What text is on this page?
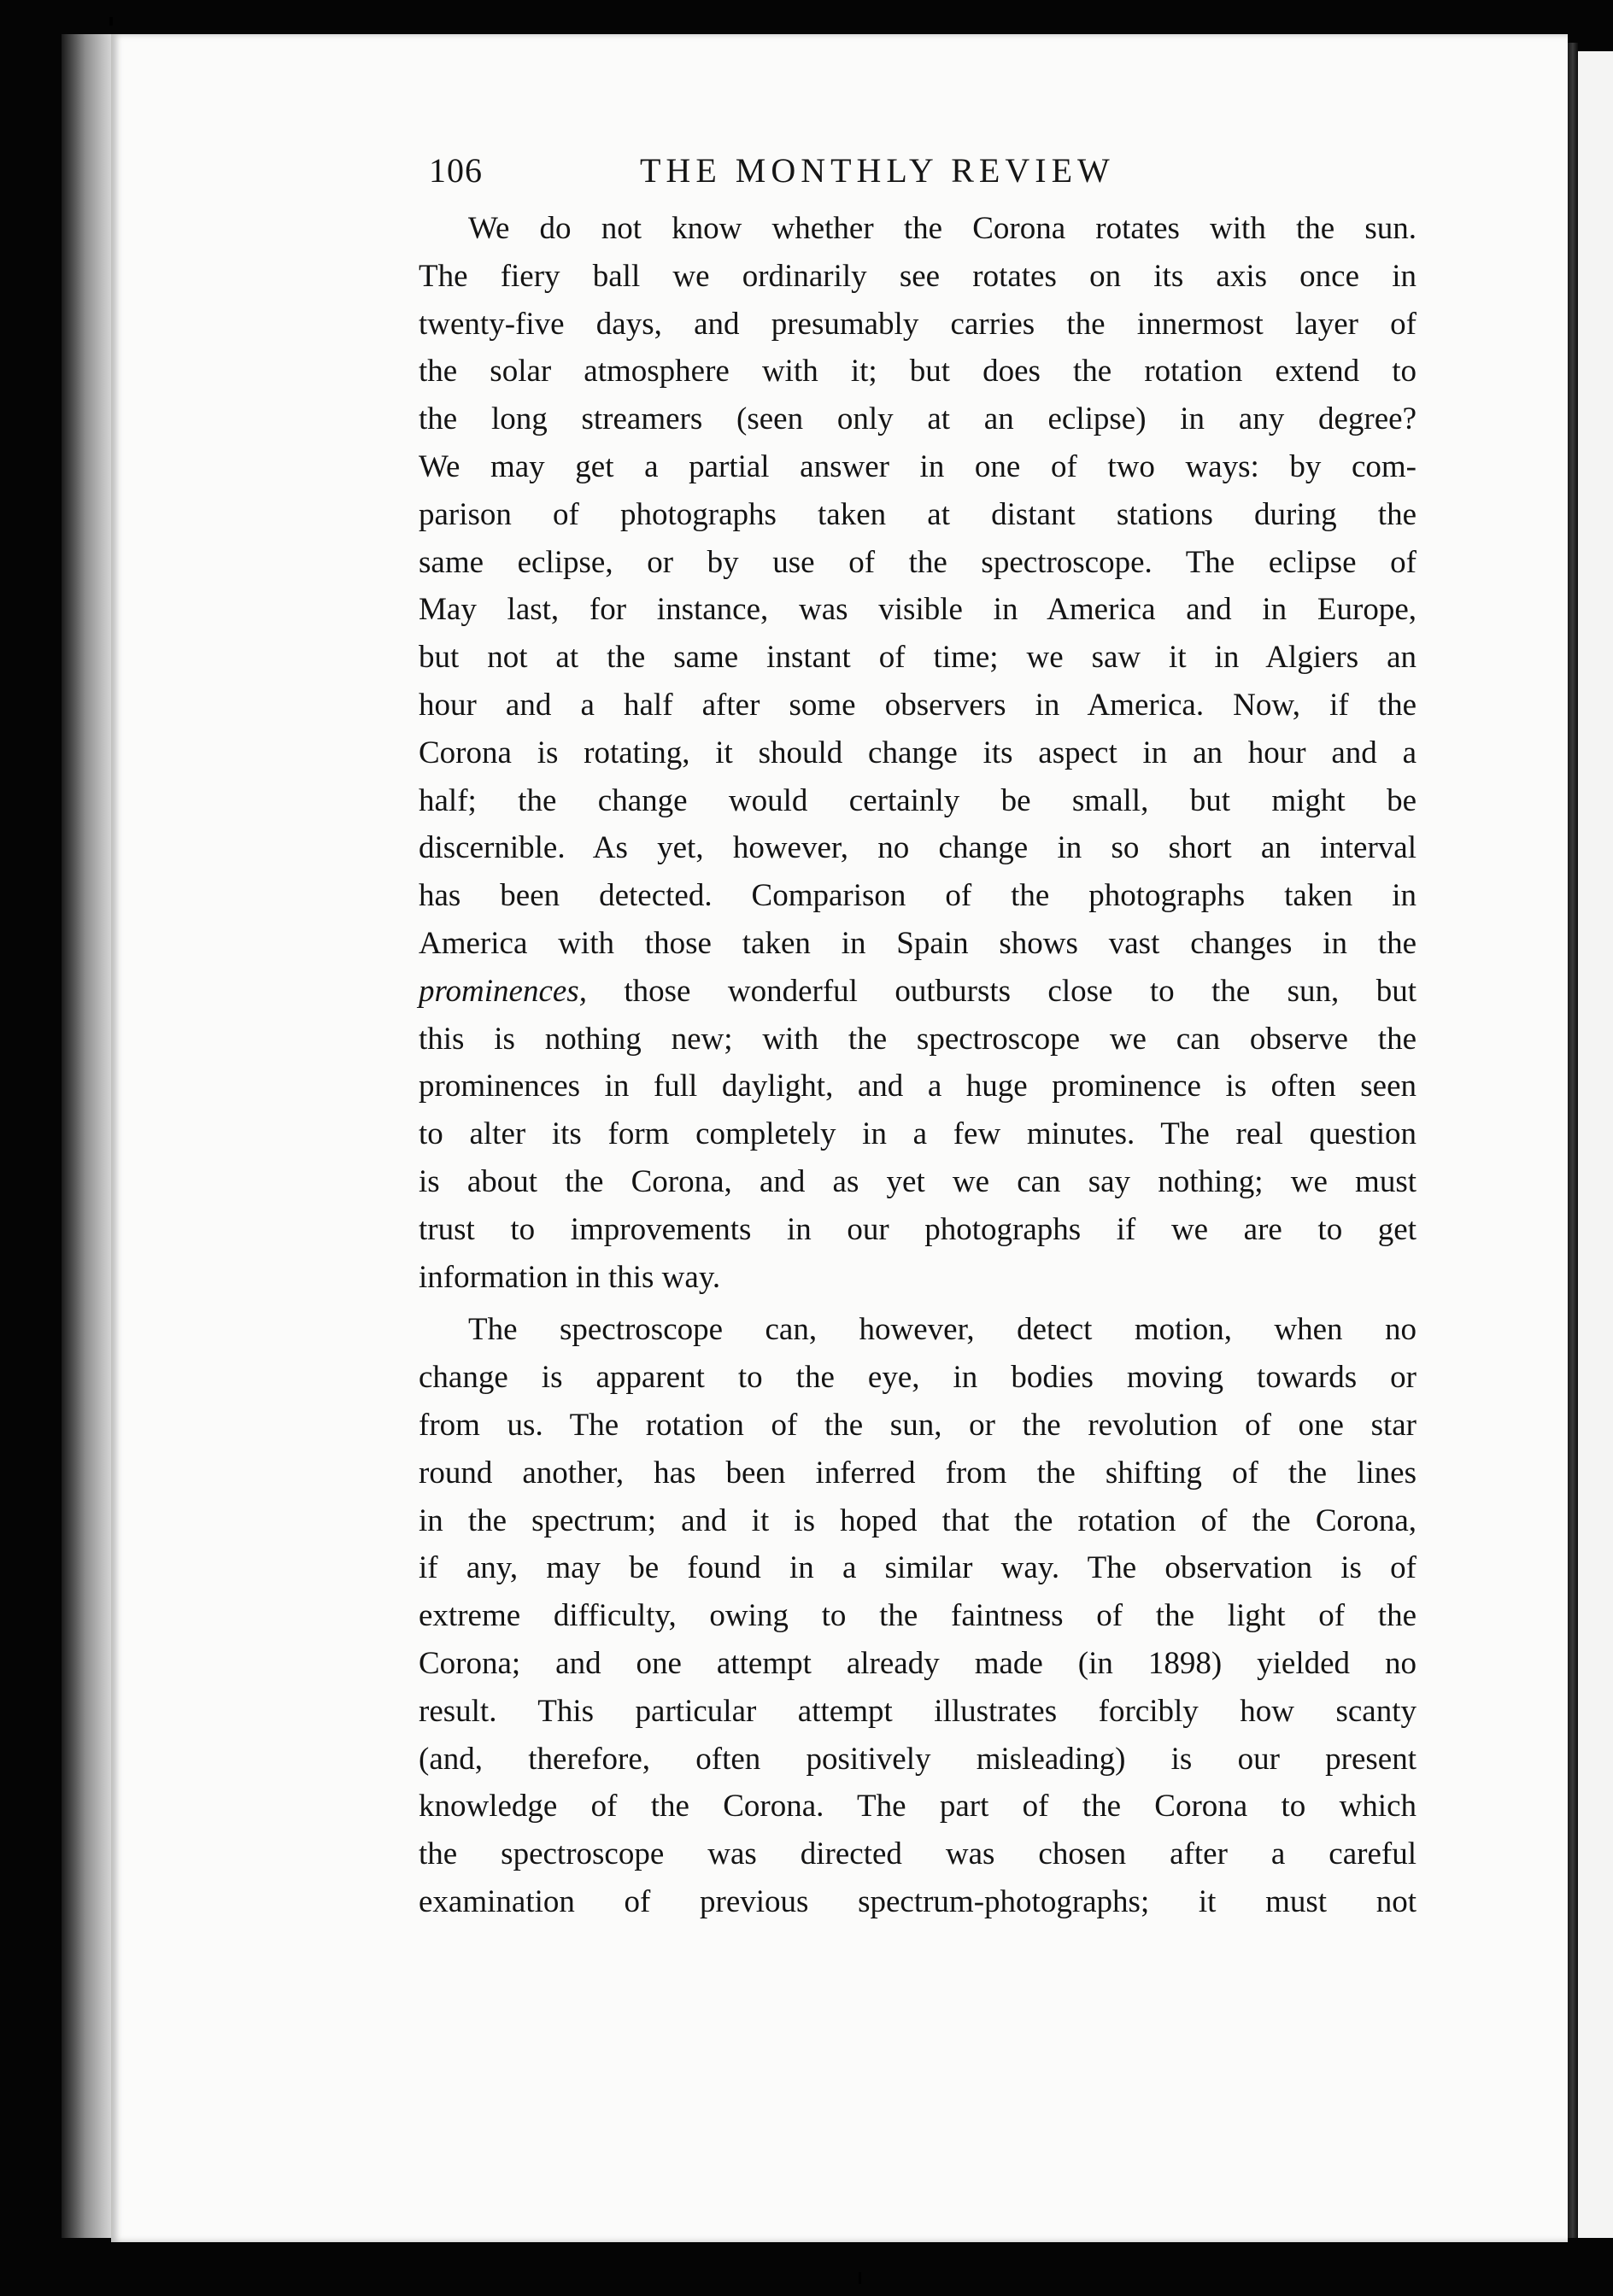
106	THE MONTHLY REVIEW
We do not know whether the Corona rotates with the sun.
The fiery ball we ordinarily see rotates on its axis once in
twenty-five days, and presumably carries the innermost layer of
the solar atmosphere with it; but does the rotation extend to
the long streamers (seen only at an eclipse) in any degree?
We may get a partial answer in one of two ways: by com-
parison of photographs taken at distant stations during the
same eclipse, or by use of the spectroscope. The eclipse of
May last, for instance, was visible in America and in Europe,
but not at the same instant of time; we saw it in Algiers an
hour and a half after some observers in America. Now, if the
Corona is rotating, it should change its aspect in an hour and a
half; the change would certainly be small, but might be
discernible. As yet, however, no change in so short an interval
has been detected. Comparison of the photographs taken in
America with those taken in Spain shows vast changes in the
prominences, those wonderful outbursts close to the sun, but
this is nothing new; with the spectroscope we can observe the
prominences in full daylight, and a huge prominence is often seen
to alter its form completely in a few minutes. The real question
is about the Corona, and as yet we can say nothing; we must
trust to improvements in our photographs if we are to get
information in this way.
The spectroscope can, however, detect motion, when no
change is apparent to the eye, in bodies moving towards or
from us. The rotation of the sun, or the revolution of one star
round another, has been inferred from the shifting of the lines
in the spectrum; and it is hoped that the rotation of the Corona,
if any, may be found in a similar way. The observation is of
extreme difficulty, owing to the faintness of the light of the
Corona; and one attempt already made (in 1898) yielded no
result. This particular attempt illustrates forcibly how scanty
(and, therefore, often positively misleading) is our present
knowledge of the Corona. The part of the Corona to which
the spectroscope was directed was chosen after a careful
examination of previous spectrum-photographs; it must not
